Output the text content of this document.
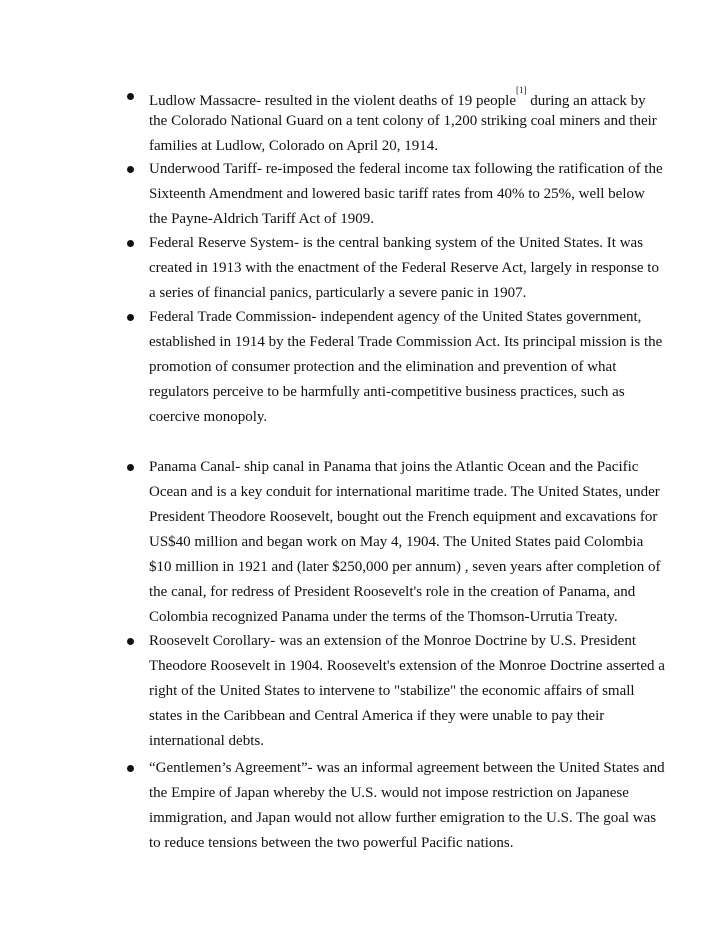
Ludlow Massacre- resulted in the violent deaths of 19 people[1] during an attack by
the Colorado National Guard on a tent colony of 1,200 striking coal miners and their
families at Ludlow, Colorado on April 20, 1914.
Underwood Tariff- re-imposed the federal income tax following the ratification of the
Sixteenth Amendment and lowered basic tariff rates from 40% to 25%, well below
the Payne-Aldrich Tariff Act of 1909.
Federal Reserve System- is the central banking system of the United States. It was
created in 1913 with the enactment of the Federal Reserve Act, largely in response to
a series of financial panics, particularly a severe panic in 1907.
Federal Trade Commission- independent agency of the United States government,
established in 1914 by the Federal Trade Commission Act. Its principal mission is the
promotion of consumer protection and the elimination and prevention of what
regulators perceive to be harmfully anti-competitive business practices, such as
coercive monopoly.
Panama Canal- ship canal in Panama that joins the Atlantic Ocean and the Pacific
Ocean and is a key conduit for international maritime trade. The United States, under
President Theodore Roosevelt, bought out the French equipment and excavations for
US$40 million and began work on May 4, 1904. The United States paid Colombia
$10 million in 1921 and (later $250,000 per annum) , seven years after completion of
the canal, for redress of President Roosevelt's role in the creation of Panama, and
Colombia recognized Panama under the terms of the Thomson-Urrutia Treaty.
Roosevelt Corollary- was an extension of the Monroe Doctrine by U.S. President
Theodore Roosevelt in 1904. Roosevelt's extension of the Monroe Doctrine asserted a
right of the United States to intervene to "stabilize" the economic affairs of small
states in the Caribbean and Central America if they were unable to pay their
international debts.
“Gentlemen’s Agreement”- was an informal agreement between the United States and
the Empire of Japan whereby the U.S. would not impose restriction on Japanese
immigration, and Japan would not allow further emigration to the U.S. The goal was
to reduce tensions between the two powerful Pacific nations.
